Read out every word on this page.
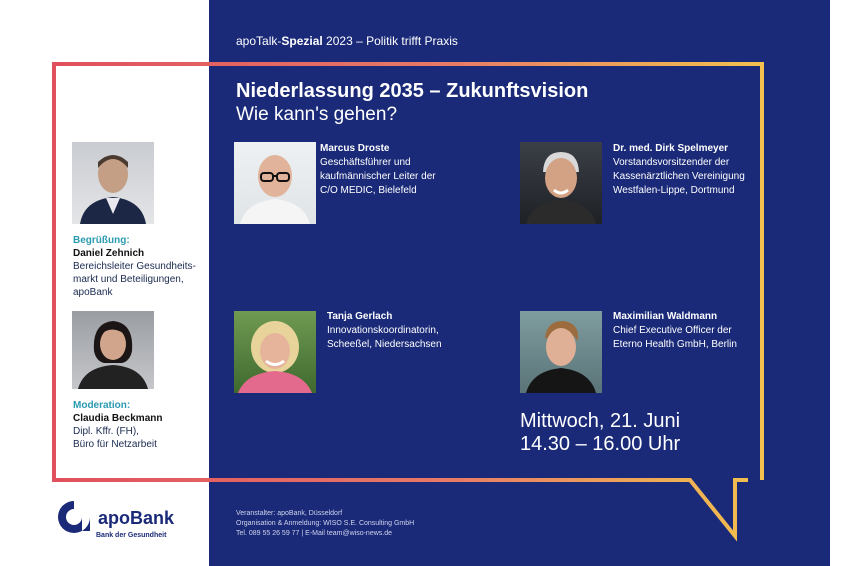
apoTalk-Spezial 2023 – Politik trifft Praxis
Niederlassung 2035 – Zukunftsvision
Wie kann's gehen?
Begrüßung:
Daniel Zehnich
Bereichsleiter Gesundheits-
markt und Beteiligungen,
apoBank
Moderation:
Claudia Beckmann
Dipl. Kffr. (FH),
Büro für Netzarbeit
Marcus Droste
Geschäftsführer und
kaufmännischer Leiter der
C/O MEDIC, Bielefeld
Dr. med. Dirk Spelmeyer
Vorstandsvorsitzender der
Kassenärztlichen Vereinigung
Westfalen-Lippe, Dortmund
Tanja Gerlach
Innovationskoordinatorin,
Scheeßel, Niedersachsen
Maximilian Waldmann
Chief Executive Officer der
Eterno Health GmbH, Berlin
Mittwoch, 21. Juni
14.30 – 16.00 Uhr
Veranstalter: apoBank, Düsseldorf
Organisation & Anmeldung: WISO S.E. Consulting GmbH
Tel. 089 55 26 59 77 | E-Mail team@wiso-news.de
apoBank
Bank der Gesundheit
